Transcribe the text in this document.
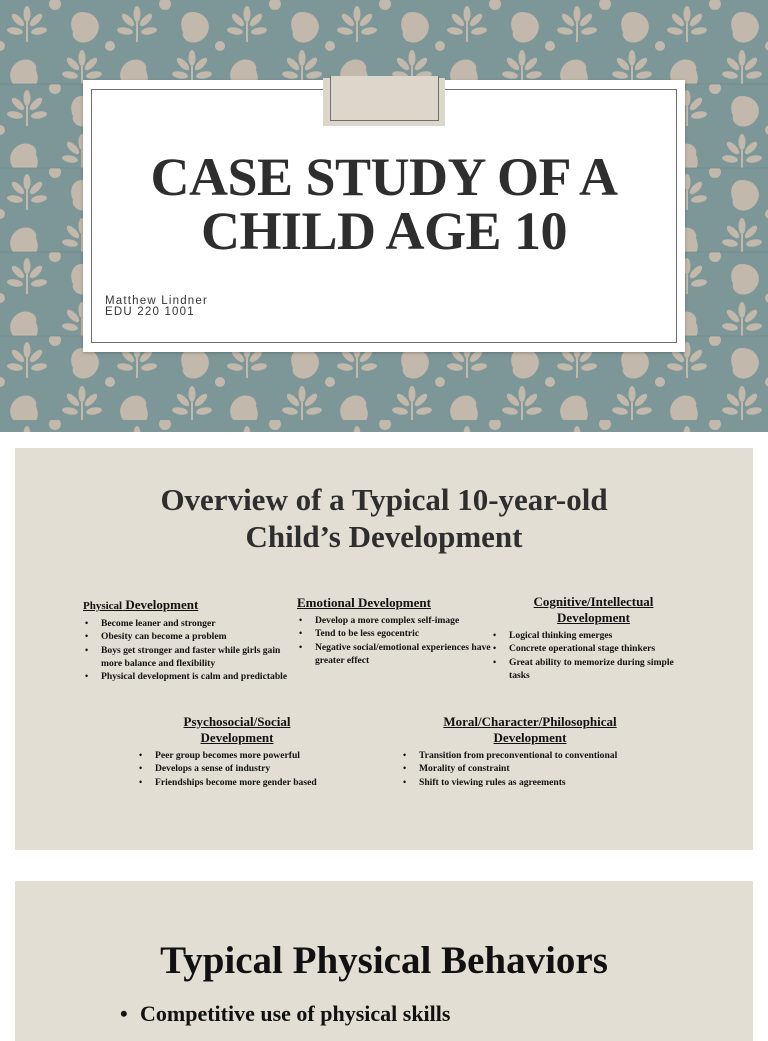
CASE STUDY OF A
CHILD AGE 10
Matthew Lindner
EDU 220 1001
Overview of a Typical 10-year-old
Child’s Development
Physical Development
• Become leaner and stronger
• Obesity can become a problem
• Boys get stronger and faster while girls gain more balance and flexibility
• Physical development is calm and predictable
Emotional Development
• Develop a more complex self-image
• Tend to be less egocentric
• Negative social/emotional experiences have greater effect
Cognitive/Intellectual
Development
• Logical thinking emerges
• Concrete operational stage thinkers
• Great ability to memorize during simple tasks
Psychosocial/Social
Development
• Peer group becomes more powerful
• Develops a sense of industry
• Friendships become more gender based
Moral/Character/Philosophical
Development
• Transition from preconventional to conventional
• Morality of constraint
• Shift to viewing rules as agreements
Typical Physical Behaviors
• Competitive use of physical skills
